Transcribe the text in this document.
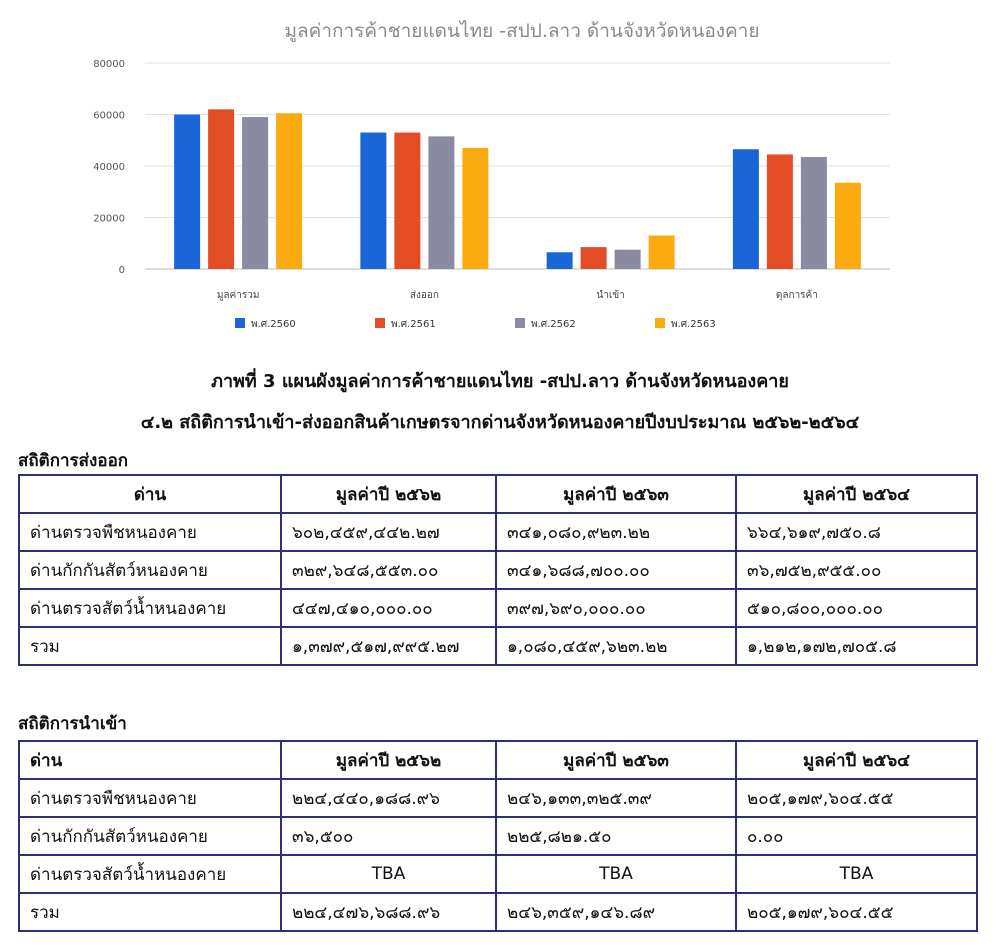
มูลค่าการค้าชายแดนไทย -สปป.ลาว ด้านจังหวัดหนองคาย
0
20000
40000
60000
80000
มูลค่ารวม	ส่งออก	นำเข้า	ดุลการค้า
พ.ศ.2560	พ.ศ.2561	พ.ศ.2562	พ.ศ.2563
ภาพที่ 3 แผนผังมูลค่าการค้าชายแดนไทย -สปป.ลาว ด้านจังหวัดหนองคาย
๔.๒ สถิติการนำเข้า-ส่งออกสินค้าเกษตรจากด่านจังหวัดหนองคายปีงบประมาณ ๒๕๖๒-๒๕๖๔
สถิติการส่งออก
ด่าน	มูลค่าปี ๒๕๖๒	มูลค่าปี ๒๕๖๓	มูลค่าปี ๒๕๖๔
ด่านตรวจพืชหนองคาย	๖๐๒,๔๕๙,๔๔๒.๒๗	๓๔๑,๐๘๐,๙๒๓.๒๒	๖๖๔,๖๑๙,๗๕๐.๘
ด่านกักกันสัตว์หนองคาย	๓๒๙,๖๔๘,๕๕๓.๐๐	๓๔๑,๖๘๘,๗๐๐.๐๐	๓๖,๗๕๒,๙๕๕.๐๐
ด่านตรวจสัตว์น้ำหนองคาย	๔๔๗,๔๑๐,๐๐๐.๐๐	๓๙๗,๖๙๐,๐๐๐.๐๐	๕๑๐,๘๐๐,๐๐๐.๐๐
รวม	๑,๓๗๙,๕๑๗,๙๙๕.๒๗	๑,๐๘๐,๔๕๙,๖๒๓.๒๒	๑,๒๑๒,๑๗๒,๗๐๕.๘
สถิติการนำเข้า
ด่าน	มูลค่าปี ๒๕๖๒	มูลค่าปี ๒๕๖๓	มูลค่าปี ๒๕๖๔
ด่านตรวจพืชหนองคาย	๒๒๔,๔๔๐,๑๘๘.๙๖	๒๔๖,๑๓๓,๓๒๕.๓๙	๒๐๕,๑๗๙,๖๐๔.๕๕
ด่านกักกันสัตว์หนองคาย	๓๖,๕๐๐	๒๒๕,๘๒๑.๕๐	๐.๐๐
ด่านตรวจสัตว์น้ำหนองคาย	TBA	TBA	TBA
รวม	๒๒๔,๔๗๖,๖๘๘.๙๖	๒๔๖,๓๕๙,๑๔๖.๘๙	๒๐๕,๑๗๙,๖๐๔.๕๕
